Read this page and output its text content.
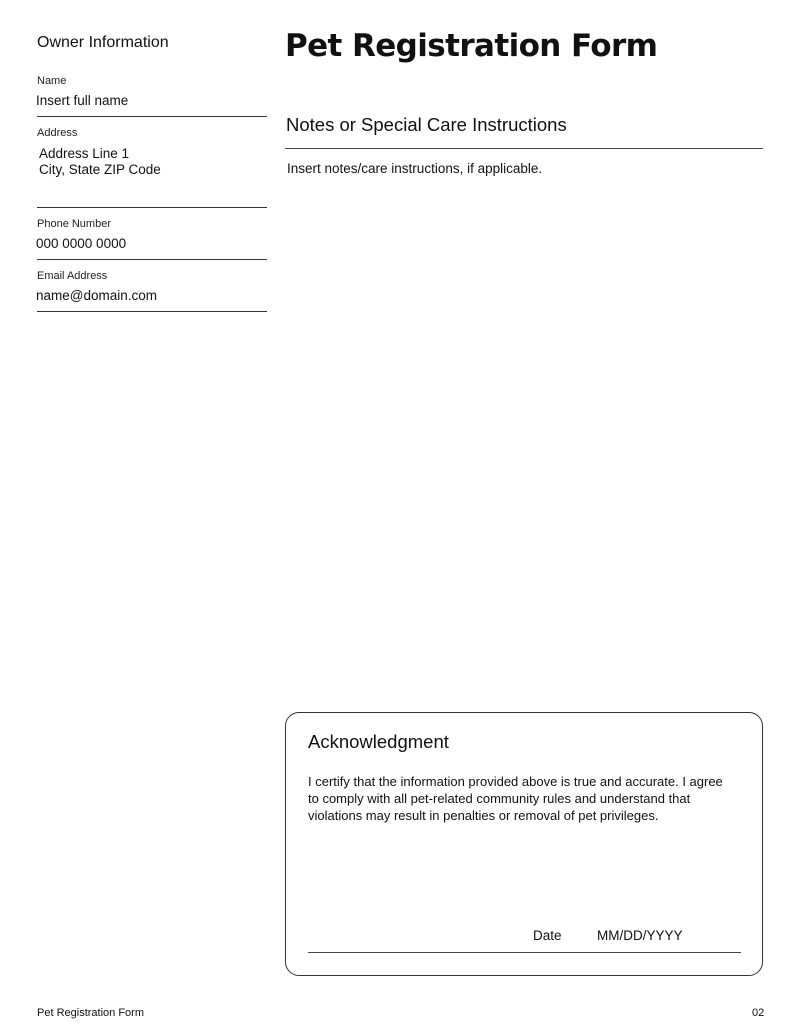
Owner Information
Name
Insert full name
Address
Address Line 1
City, State ZIP Code
Phone Number
000 0000 0000
Email Address
name@domain.com
Pet Registration Form
Notes or Special Care Instructions
Insert notes/care instructions, if applicable.
Acknowledgment
I certify that the information provided above is true and accurate. I agree to comply with all pet-related community rules and understand that violations may result in penalties or removal of pet privileges.
Date	MM/DD/YYYY
Pet Registration Form	02
